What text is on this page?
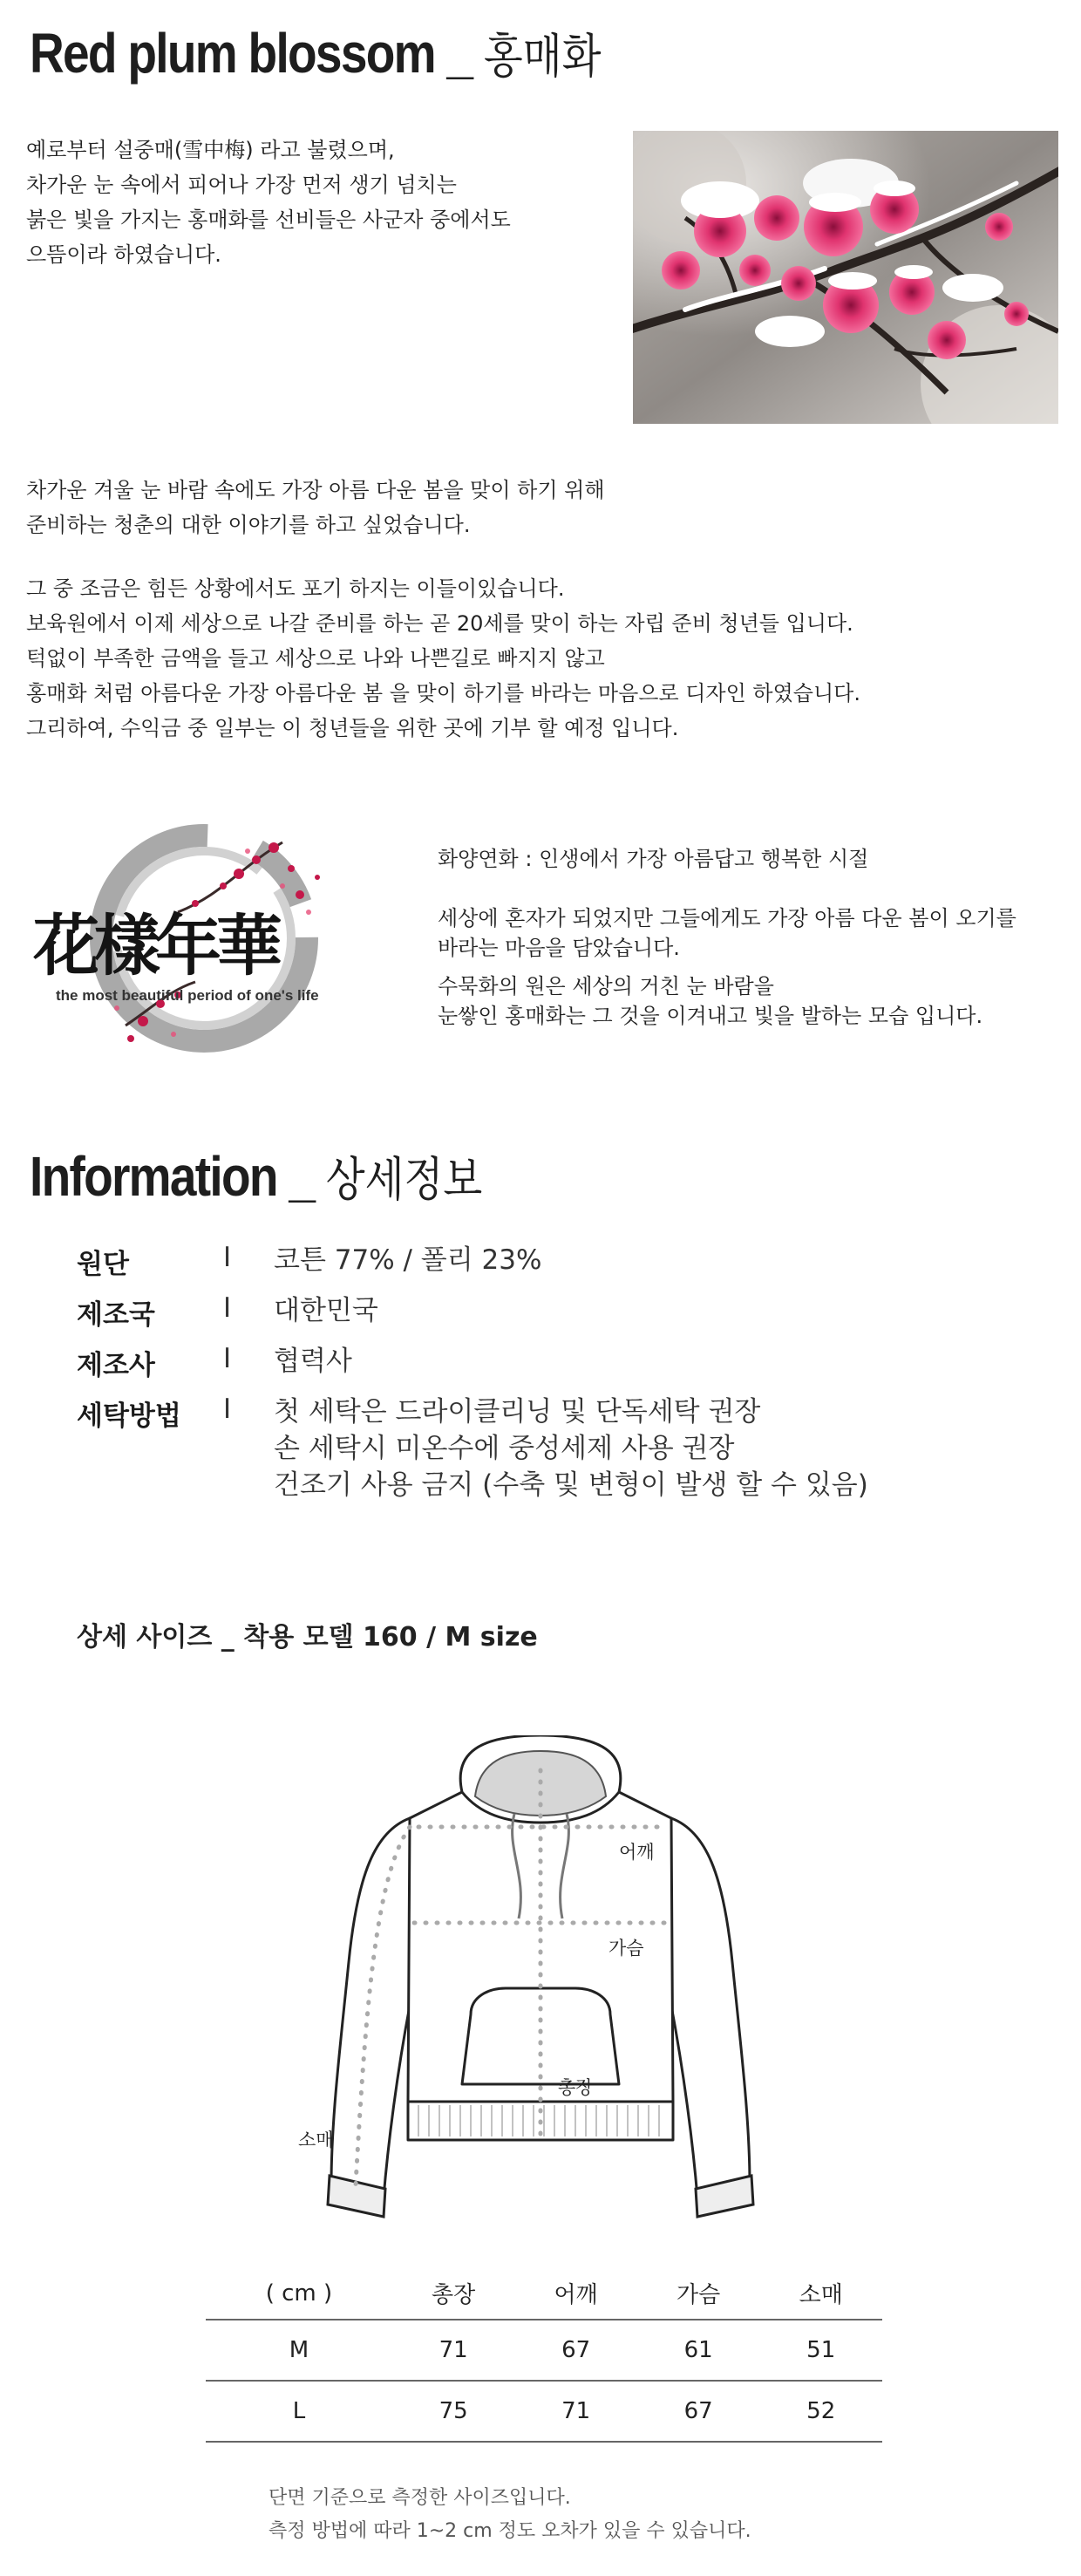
Red plum blossom _ 홍매화

예로부터 설중매(雪中梅) 라고 불렸으며,

차가운 눈 속에서 피어나 가장 먼저 생기 넘치는

붉은 빛을 가지는 홍매화를 선비들은 사군자 중에서도

으뜸이라 하였습니다.

차가운 겨울 눈 바람 속에도 가장 아름 다운 봄을 맞이 하기 위해

준비하는 청춘의 대한 이야기를 하고 싶었습니다.

그 중 조금은 힘든 상황에서도 포기 하지는 이들이있습니다.

보육원에서 이제 세상으로 나갈 준비를 하는 곧 20세를 맞이 하는 자립 준비 청년들 입니다.

턱없이 부족한 금액을 들고 세상으로 나와 나쁜길로 빠지지 않고

홍매화 처럼 아름다운 가장 아름다운 봄 을 맞이 하기를 바라는 마음으로 디자인 하였습니다.

그리하여, 수익금 중 일부는 이 청년들을 위한 곳에 기부 할 예정 입니다.

花樣年華
the most beautiful period of one's life

화양연화 : 인생에서 가장 아름답고 행복한 시절

세상에 혼자가 되었지만 그들에게도 가장 아름 다운 봄이 오기를

바라는 마음을 담았습니다.

수묵화의 원은 세상의 거친 눈 바람을

눈쌓인 홍매화는 그 것을 이겨내고 빛을 발하는 모습 입니다.

Information _ 상세정보
원단	I	코튼 77% / 폴리 23%
제조국	I	대한민국
제조사	I	협력사
세탁방법	I	첫 세탁은 드라이클리닝 및 단독세탁 권장
손 세탁시 미온수에 중성세제 사용 권장
건조기 사용 금지 (수축 및 변형이 발생 할 수 있음)
상세 사이즈 _ 착용 모델 160 / M size
어깨
가슴
총장
소매
( cm )	총장	어깨	가슴	소매
M	71	67	61	51
L	75	71	67	52

단면 기준으로 측정한 사이즈입니다.

측정 방법에 따라 1~2 cm 정도 오차가 있을 수 있습니다.
